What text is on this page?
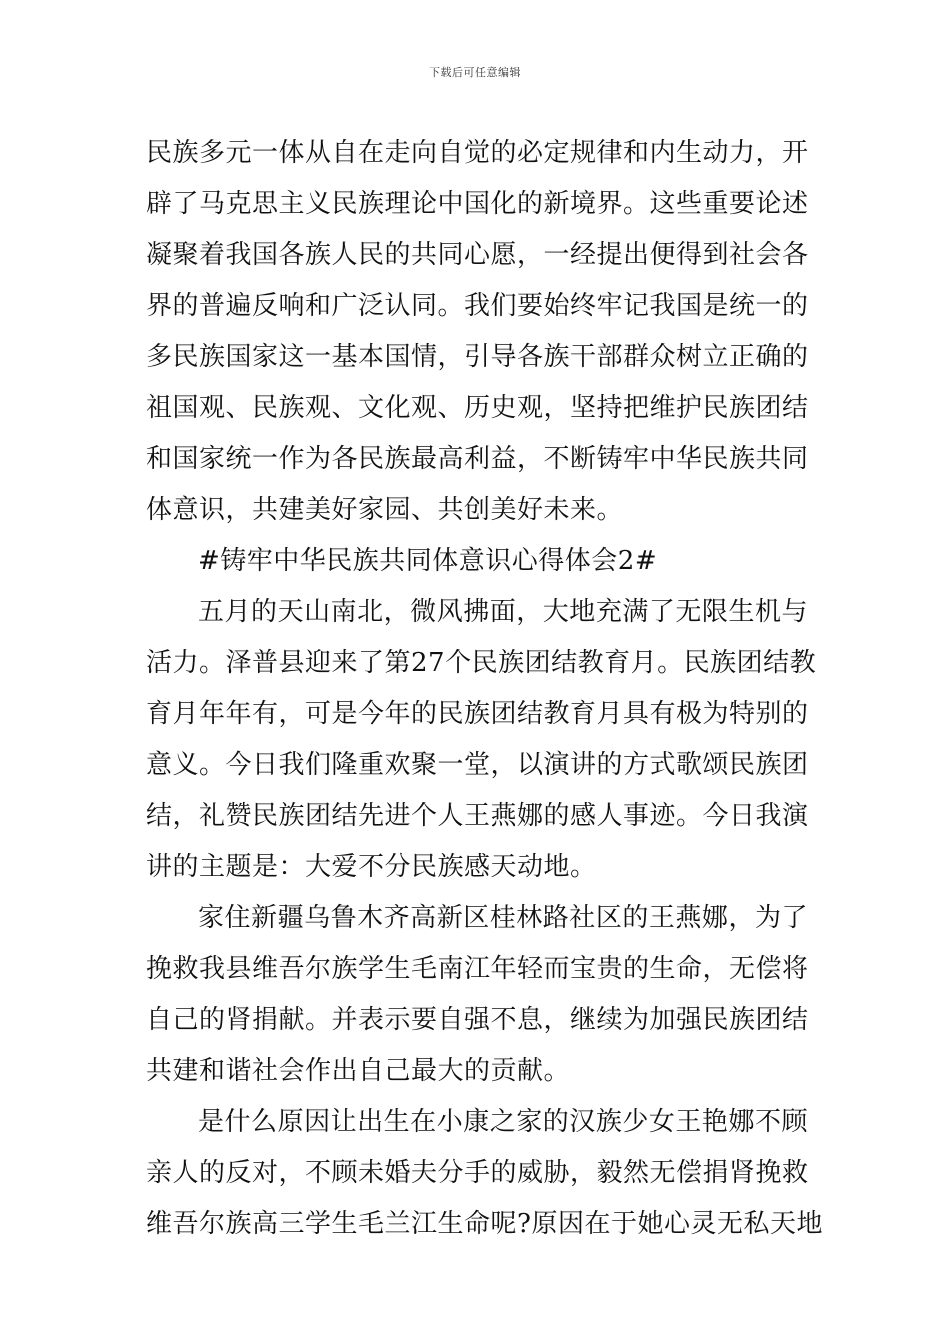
下载后可任意编辑
民族多元一体从自在走向自觉的必定规律和内生动力，开
辟了马克思主义民族理论中国化的新境界。这些重要论述
凝聚着我国各族人民的共同心愿，一经提出便得到社会各
界的普遍反响和广泛认同。我们要始终牢记我国是统一的
多民族国家这一基本国情，引导各族干部群众树立正确的
祖国观、民族观、文化观、历史观，坚持把维护民族团结
和国家统一作为各民族最高利益，不断铸牢中华民族共同
体意识，共建美好家园、共创美好未来。
#铸牢中华民族共同体意识心得体会2#
五月的天山南北，微风拂面，大地充满了无限生机与
活力。泽普县迎来了第27个民族团结教育月。民族团结教
育月年年有，可是今年的民族团结教育月具有极为特别的
意义。今日我们隆重欢聚一堂，以演讲的方式歌颂民族团
结，礼赞民族团结先进个人王燕娜的感人事迹。今日我演
讲的主题是：大爱不分民族感天动地。
家住新疆乌鲁木齐高新区桂林路社区的王燕娜，为了
挽救我县维吾尔族学生毛南江年轻而宝贵的生命，无偿将
自己的肾捐献。并表示要自强不息，继续为加强民族团结
共建和谐社会作出自己最大的贡献。
是什么原因让出生在小康之家的汉族少女王艳娜不顾
亲人的反对，不顾未婚夫分手的威胁，毅然无偿捐肾挽救
维吾尔族高三学生毛兰江生命呢?原因在于她心灵无私天地
